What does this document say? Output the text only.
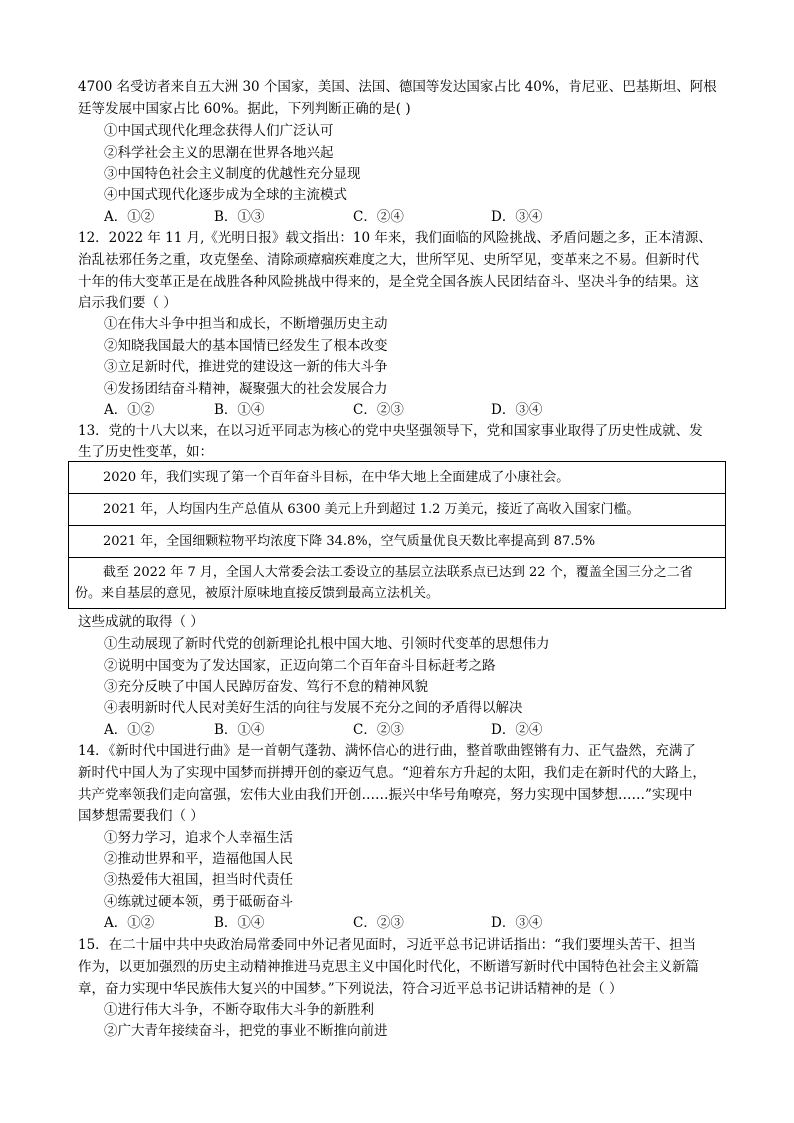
4700 名受访者来自五大洲 30 个国家，美国、法国、德国等发达国家占比 40%，肯尼亚、巴基斯坦、阿根
廷等发展中国家占比 60%。据此，下列判断正确的是( )
①中国式现代化理念获得人们广泛认可
②科学社会主义的思潮在世界各地兴起
③中国特色社会主义制度的优越性充分显现
④中国式现代化逐步成为全球的主流模式
A．①②	B．①③	C．②④	D．③④
12．2022 年 11 月,《光明日报》载文指出：10 年来，我们面临的风险挑战、矛盾问题之多，正本清源、
治乱祛邪任务之重，攻克堡垒、清除顽瘴痼疾难度之大，世所罕见、史所罕见，变革来之不易。但新时代
十年的伟大变革正是在战胜各种风险挑战中得来的，是全党全国各族人民团结奋斗、坚决斗争的结果。这
启示我们要（ ）
①在伟大斗争中担当和成长，不断增强历史主动
②知晓我国最大的基本国情已经发生了根本改变
③立足新时代，推进党的建设这一新的伟大斗争
④发扬团结奋斗精神，凝聚强大的社会发展合力
A．①②	B．①④	C．②③	D．③④
13．党的十八大以来，在以习近平同志为核心的党中央坚强领导下，党和国家事业取得了历史性成就、发
生了历史性变革，如：
2020 年，我们实现了第一个百年奋斗目标，在中华大地上全面建成了小康社会。
2021 年，人均国内生产总值从 6300 美元上升到超过 1.2 万美元，接近了高收入国家门槛。
2021 年，全国细颗粒物平均浓度下降 34.8%，空气质量优良天数比率提高到 87.5%
截至 2022 年 7 月，全国人大常委会法工委设立的基层立法联系点已达到 22 个，覆盖全国三分之二省
份。来自基层的意见，被原汁原味地直接反馈到最高立法机关。
这些成就的取得（ ）
①生动展现了新时代党的创新理论扎根中国大地、引领时代变革的思想伟力
②说明中国变为了发达国家，正迈向第二个百年奋斗目标赶考之路
③充分反映了中国人民踔厉奋发、笃行不怠的精神风貌
④表明新时代人民对美好生活的向往与发展不充分之间的矛盾得以解决
A．①②	B．①④	C．②③	D．②④
14．《新时代中国进行曲》是一首朝气蓬勃、满怀信心的进行曲，整首歌曲铿锵有力、正气盎然，充满了
新时代中国人为了实现中国梦而拼搏开创的豪迈气息。“迎着东方升起的太阳，我们走在新时代的大路上，
共产党率领我们走向富强，宏伟大业由我们开创……振兴中华号角嘹亮，努力实现中国梦想……”实现中
国梦想需要我们（ ）
①努力学习，追求个人幸福生活
②推动世界和平，造福他国人民
③热爱伟大祖国，担当时代责任
④练就过硬本领，勇于砥砺奋斗
A．①②	B．①④	C．②③	D．③④
15．在二十届中共中央政治局常委同中外记者见面时，习近平总书记讲话指出：“我们要埋头苦干、担当
作为，以更加强烈的历史主动精神推进马克思主义中国化时代化，不断谱写新时代中国特色社会主义新篇
章，奋力实现中华民族伟大复兴的中国梦。”下列说法，符合习近平总书记讲话精神的是（ ）
①进行伟大斗争，不断夺取伟大斗争的新胜利
②广大青年接续奋斗，把党的事业不断推向前进
